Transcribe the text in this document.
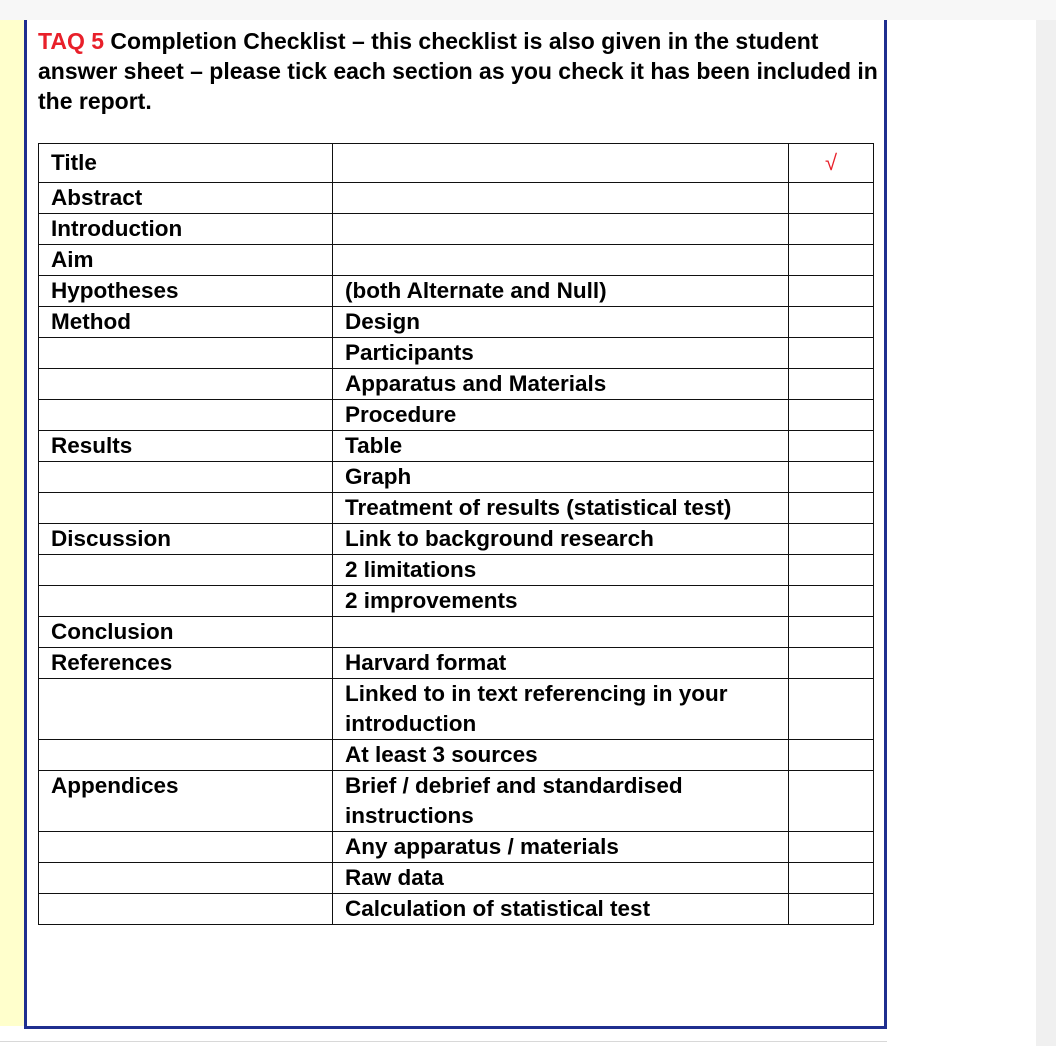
TAQ 5 Completion Checklist – this checklist is also given in the student answer sheet – please tick each section as you check it has been included in the report.
Title		√
Abstract		
Introduction		
Aim		
Hypotheses	(both Alternate and Null)	
Method	Design	
	Participants	
	Apparatus and Materials	
	Procedure	
Results	Table	
	Graph	
	Treatment of results (statistical test)	
Discussion	Link to background research	
	2 limitations	
	2 improvements	
Conclusion		
References	Harvard format	
	Linked to in text referencing in your introduction	
	At least 3 sources	
Appendices	Brief / debrief and standardised instructions	
	Any apparatus / materials	
	Raw data	
	Calculation of statistical test	
